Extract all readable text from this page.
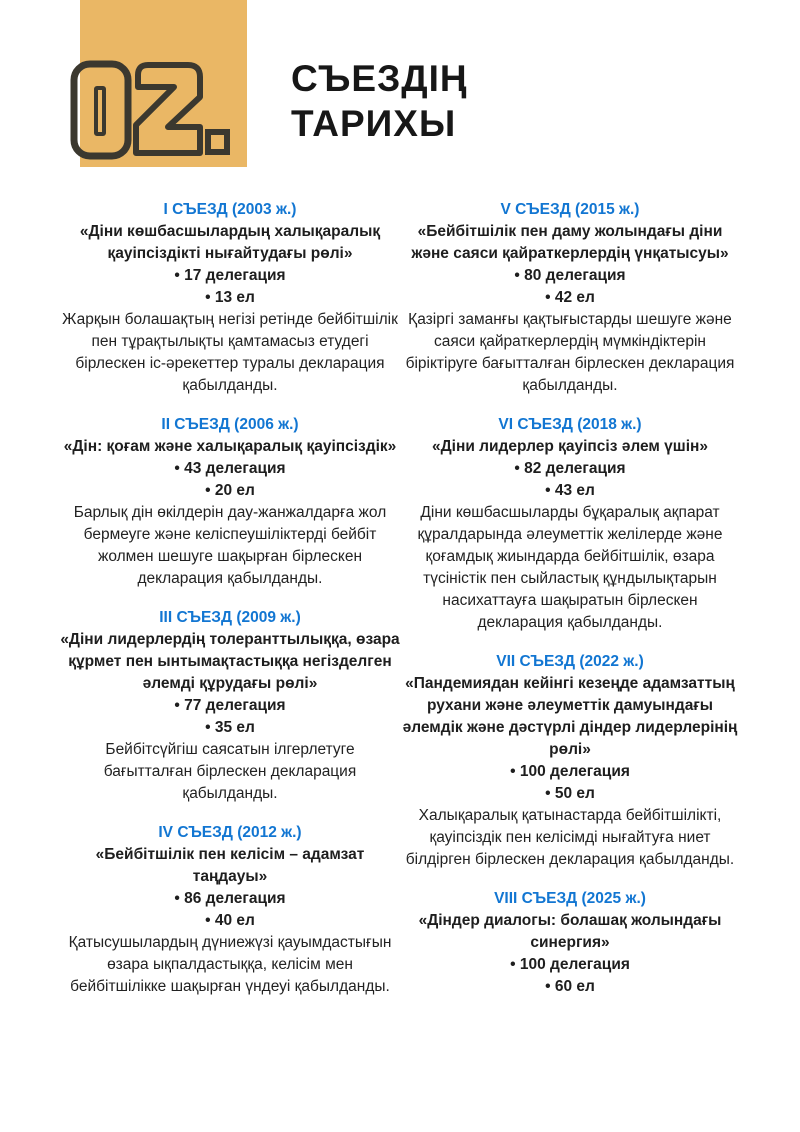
СЪЕЗДІҢ
ТАРИХЫ
I СЪЕЗД (2003 ж.)

«Діни көшбасшылардың халықаралық қауіпсіздікті нығайтудағы рөлі»

• 17 делегация

• 13 ел

Жарқын болашақтың негізі ретінде бейбітшілік пен тұрақтылықты қамтамасыз етудегі бірлескен іс-әрекеттер туралы декларация қабылданды.

II СЪЕЗД (2006 ж.)

«Дін: қоғам және халықаралық қауіпсіздік»

• 43 делегация

• 20 ел

Барлық дін өкілдерін дау-жанжалдарға жол бермеуге және келіспеушіліктерді бейбіт жолмен шешуге шақырған бірлескен декларация қабылданды.

III СЪЕЗД (2009 ж.)

«Діни лидерлердің толеранттылыққа, өзара құрмет пен ынтымақтастыққа негізделген әлемді құрудағы рөлі»

• 77 делегация

• 35 ел

Бейбітсүйгіш саясатын ілгерлетуге бағытталған бірлескен декларация қабылданды.

IV СЪЕЗД (2012 ж.)

«Бейбітшілік пен келісім – адамзат таңдауы»

• 86 делегация

• 40 ел

Қатысушылардың дүниежүзі қауымдастығын өзара ықпалдастыққа, келісім мен бейбітшілікке шақырған үндеуі қабылданды.

V СЪЕЗД (2015 ж.)

«Бейбітшілік пен даму жолындағы діни және саяси қайраткерлердің үнқатысуы»

• 80 делегация

• 42 ел

Қазіргі заманғы қақтығыстарды шешуге және саяси қайраткерлердің мүмкіндіктерін біріктіруге бағытталған бірлескен декларация қабылданды.

VI СЪЕЗД (2018 ж.)

«Діни лидерлер қауіпсіз әлем үшін»

• 82 делегация

• 43 ел

Діни көшбасшыларды бұқаралық ақпарат құралдарында әлеуметтік желілерде және қоғамдық жиындарда бейбітшілік, өзара түсіністік пен сыйластық құндылықтарын насихаттауға шақыратын бірлескен декларация қабылданды.

VII СЪЕЗД (2022 ж.)

«Пандемиядан кейінгі кезеңде адамзаттың рухани және әлеуметтік дамуындағы әлемдік және дәстүрлі діндер лидерлерінің рөлі»

• 100 делегация

• 50 ел

Халықаралық қатынастарда бейбітшілікті, қауіпсіздік пен келісімді нығайтуға ниет білдірген бірлескен декларация қабылданды.

VIII СЪЕЗД (2025 ж.)

«Діндер диалогы: болашақ жолындағы синергия»

• 100 делегация

• 60 ел
